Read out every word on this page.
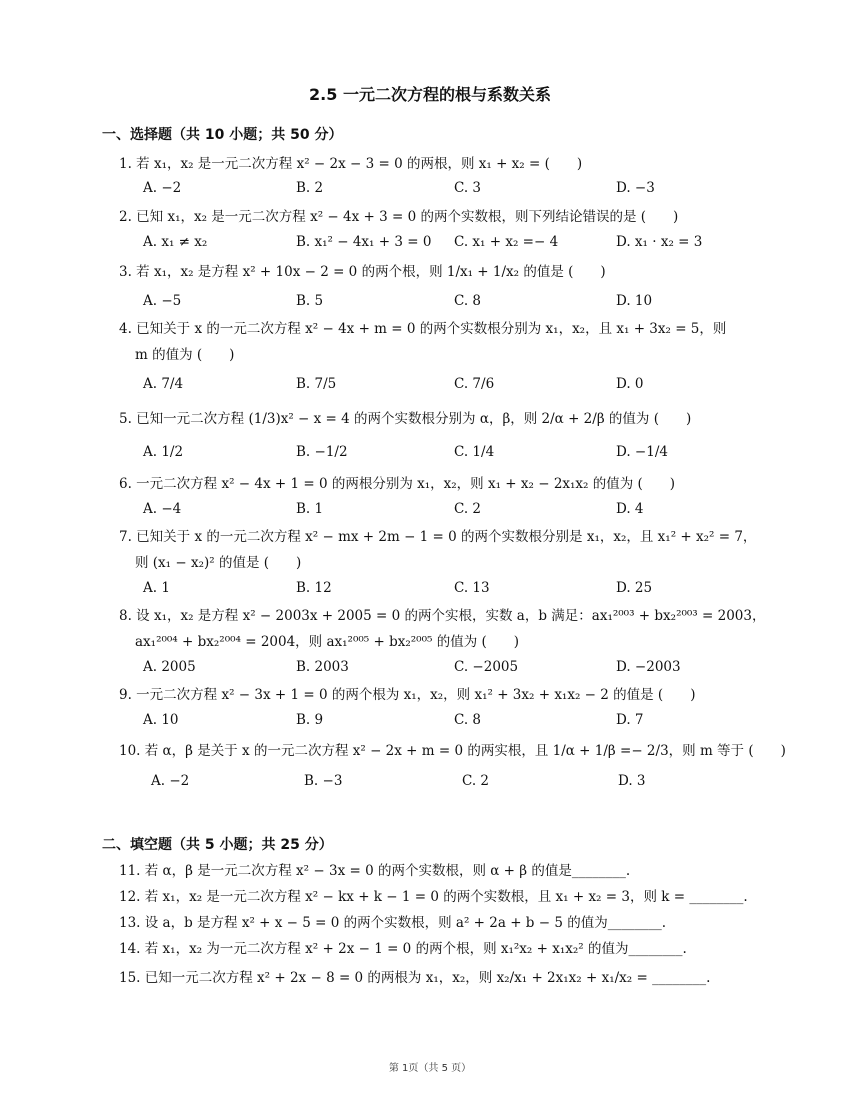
2.5 一元二次方程的根与系数关系
一、选择题（共 10 小题；共 50 分）
1. 若 x₁，x₂ 是一元二次方程 x² − 2x − 3 = 0 的两根，则 x₁ + x₂ = (　　)
A. −2	B. 2	C. 3	D. −3
2. 已知 x₁，x₂ 是一元二次方程 x² − 4x + 3 = 0 的两个实数根，则下列结论错误的是 (　　)
A. x₁ ≠ x₂	B. x₁² − 4x₁ + 3 = 0 C. x₁ + x₂ =− 4	D. x₁ · x₂ = 3
3. 若 x₁，x₂ 是方程 x² + 10x − 2 = 0 的两个根，则 1/x₁ + 1/x₂ 的值是 (　　)
A. −5	B. 5	C. 8	D. 10
4. 已知关于 x 的一元二次方程 x² − 4x + m = 0 的两个实数根分别为 x₁，x₂，且 x₁ + 3x₂ = 5，则
m 的值为 (　　)
A. 7/4	B. 7/5	C. 7/6	D. 0
5. 已知一元二次方程 (1/3)x² − x = 4 的两个实数根分别为 α，β，则 2/α + 2/β 的值为 (　　)
A. 1/2	B. −1/2	C. 1/4	D. −1/4
6. 一元二次方程 x² − 4x + 1 = 0 的两根分别为 x₁，x₂，则 x₁ + x₂ − 2x₁x₂ 的值为 (　　)
A. −4	B. 1	C. 2	D. 4
7. 已知关于 x 的一元二次方程 x² − mx + 2m − 1 = 0 的两个实数根分别是 x₁，x₂，且 x₁² + x₂² = 7，
则 (x₁ − x₂)² 的值是 (　　)
A. 1	B. 12	C. 13	D. 25
8. 设 x₁，x₂ 是方程 x² − 2003x + 2005 = 0 的两个实根，实数 a，b 满足：ax₁²⁰⁰³ + bx₂²⁰⁰³ = 2003，
ax₁²⁰⁰⁴ + bx₂²⁰⁰⁴ = 2004，则 ax₁²⁰⁰⁵ + bx₂²⁰⁰⁵ 的值为 (　　)
A. 2005	B. 2003	C. −2005	D. −2003
9. 一元二次方程 x² − 3x + 1 = 0 的两个根为 x₁，x₂，则 x₁² + 3x₂ + x₁x₂ − 2 的值是 (　　)
A. 10	B. 9	C. 8	D. 7
10. 若 α，β 是关于 x 的一元二次方程 x² − 2x + m = 0 的两实根，且 1/α + 1/β =− 2/3，则 m 等于 (　　)
A. −2	B. −3	C. 2	D. 3
二、填空题（共 5 小题；共 25 分）
11. 若 α，β 是一元二次方程 x² − 3x = 0 的两个实数根，则 α + β 的值是________.
12. 若 x₁，x₂ 是一元二次方程 x² − kx + k − 1 = 0 的两个实数根，且 x₁ + x₂ = 3，则 k = ________.
13. 设 a，b 是方程 x² + x − 5 = 0 的两个实数根，则 a² + 2a + b − 5 的值为________.
14. 若 x₁，x₂ 为一元二次方程 x² + 2x − 1 = 0 的两个根，则 x₁²x₂ + x₁x₂² 的值为________.
15. 已知一元二次方程 x² + 2x − 8 = 0 的两根为 x₁，x₂，则 x₂/x₁ + 2x₁x₂ + x₁/x₂ = ________.
第 1页（共 5 页）
